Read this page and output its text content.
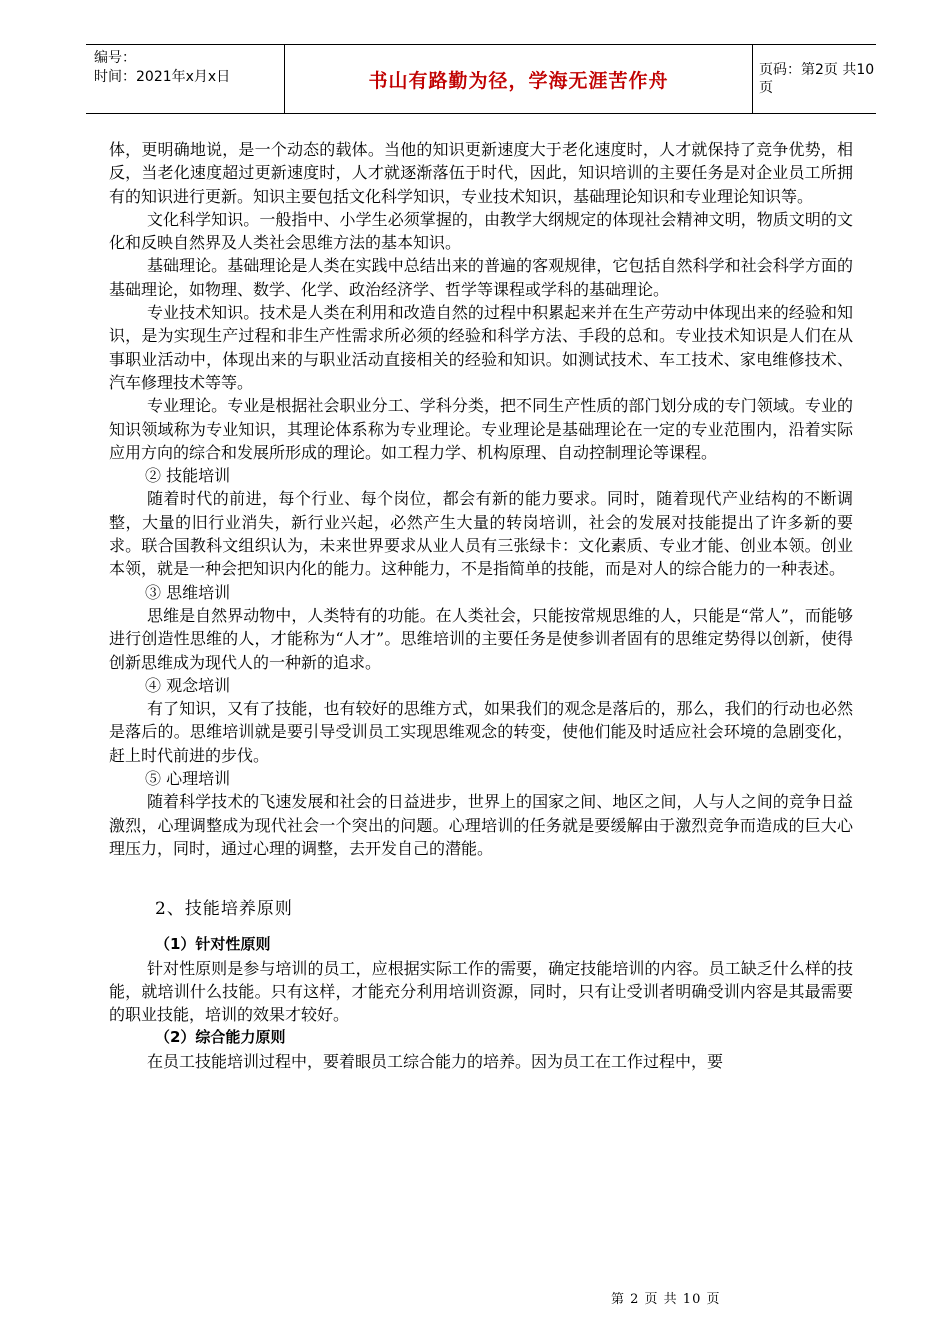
编号：
时间：2021年x月x日	书山有路勤为径，学海无涯苦作舟	页码：第2页 共10页

体，更明确地说，是一个动态的载体。当他的知识更新速度大于老化速度时，人才就保持了竞争优势，相反，当老化速度超过更新速度时，人才就逐渐落伍于时代，因此，知识培训的主要任务是对企业员工所拥有的知识进行更新。知识主要包括文化科学知识，专业技术知识，基础理论知识和专业理论知识等。

文化科学知识。一般指中、小学生必须掌握的，由教学大纲规定的体现社会精神文明，物质文明的文化和反映自然界及人类社会思维方法的基本知识。

基础理论。基础理论是人类在实践中总结出来的普遍的客观规律，它包括自然科学和社会科学方面的基础理论，如物理、数学、化学、政治经济学、哲学等课程或学科的基础理论。

专业技术知识。技术是人类在利用和改造自然的过程中积累起来并在生产劳动中体现出来的经验和知识，是为实现生产过程和非生产性需求所必须的经验和科学方法、手段的总和。专业技术知识是人们在从事职业活动中，体现出来的与职业活动直接相关的经验和知识。如测试技术、车工技术、家电维修技术、汽车修理技术等等。

专业理论。专业是根据社会职业分工、学科分类，把不同生产性质的部门划分成的专门领域。专业的知识领域称为专业知识，其理论体系称为专业理论。专业理论是基础理论在一定的专业范围内，沿着实际应用方向的综合和发展所形成的理论。如工程力学、机构原理、自动控制理论等课程。

② 技能培训

随着时代的前进，每个行业、每个岗位，都会有新的能力要求。同时，随着现代产业结构的不断调整，大量的旧行业消失，新行业兴起，必然产生大量的转岗培训，社会的发展对技能提出了许多新的要求。联合国教科文组织认为，未来世界要求从业人员有三张绿卡：文化素质、专业才能、创业本领。创业本领，就是一种会把知识内化的能力。这种能力，不是指简单的技能，而是对人的综合能力的一种表述。

③ 思维培训

思维是自然界动物中，人类特有的功能。在人类社会，只能按常规思维的人，只能是“常人”，而能够进行创造性思维的人，才能称为“人才”。思维培训的主要任务是使参训者固有的思维定势得以创新，使得创新思维成为现代人的一种新的追求。

④ 观念培训

有了知识，又有了技能，也有较好的思维方式，如果我们的观念是落后的，那么，我们的行动也必然是落后的。思维培训就是要引导受训员工实现思维观念的转变，使他们能及时适应社会环境的急剧变化，赶上时代前进的步伐。

⑤ 心理培训

随着科学技术的飞速发展和社会的日益进步，世界上的国家之间、地区之间，人与人之间的竞争日益激烈，心理调整成为现代社会一个突出的问题。心理培训的任务就是要缓解由于激烈竞争而造成的巨大心理压力，同时，通过心理的调整，去开发自己的潜能。

2、技能培养原则

（1）针对性原则

针对性原则是参与培训的员工，应根据实际工作的需要，确定技能培训的内容。员工缺乏什么样的技能，就培训什么技能。只有这样，才能充分利用培训资源，同时，只有让受训者明确受训内容是其最需要的职业技能，培训的效果才较好。

（2）综合能力原则

在员工技能培训过程中，要着眼员工综合能力的培养。因为员工在工作过程中，要

第 2 页 共 10 页
